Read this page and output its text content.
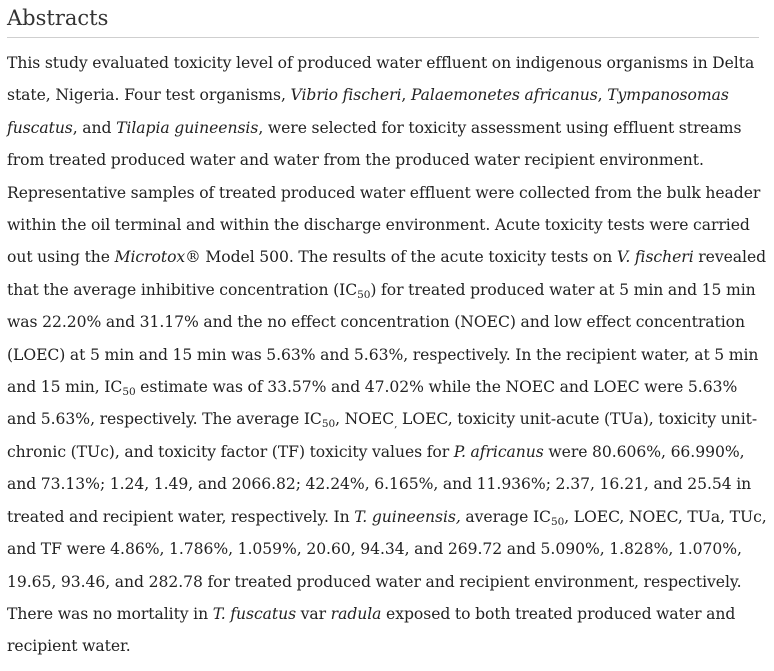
Abstracts

This study evaluated toxicity level of produced water effluent on indigenous organisms in Delta state, Nigeria. Four test organisms, Vibrio fischeri, Palaemonetes africanus, Tympanosomas fuscatus, and Tilapia guineensis, were selected for toxicity assessment using effluent streams from treated produced water and water from the produced water recipient environment. Representative samples of treated produced water effluent were collected from the bulk header within the oil terminal and within the discharge environment. Acute toxicity tests were carried out using the Microtox® Model 500. The results of the acute toxicity tests on V. fischeri revealed that the average inhibitive concentration $(IC_{50})$ for treated produced water at 5 min and 15 min was 22.20% and 31.17% and the no effect concentration (NOEC) and low effect concentration (LOEC) at 5 min and 15 min was 5.63% and 5.63%, respectively. In the recipient water, at 5 min and 15 min, $IC_{50}$ estimate was of 33.57% and 47.02% while the NOEC and LOEC were 5.63% and 5.63%, respectively. The average $IC_{50}$, $NOEC_,$ LOEC, toxicity unit-acute (TUa), toxicity unit-chronic (TUc), and toxicity factor (TF) toxicity values for P. africanus were 80.606%, 66.990%, and 73.13%; 1.24, 1.49, and 2066.82; 42.24%, 6.165%, and 11.936%; 2.37, 16.21, and 25.54 in treated and recipient water, respectively. In T. guineensis, average $IC_{50}$, LOEC, NOEC, TUa, TUc, and TF were 4.86%, 1.786%, 1.059%, 20.60, 94.34, and 269.72 and 5.090%, 1.828%, 1.070%, 19.65, 93.46, and 282.78 for treated produced water and recipient environment, respectively. There was no mortality in T. fuscatus var radula exposed to both treated produced water and recipient water.
